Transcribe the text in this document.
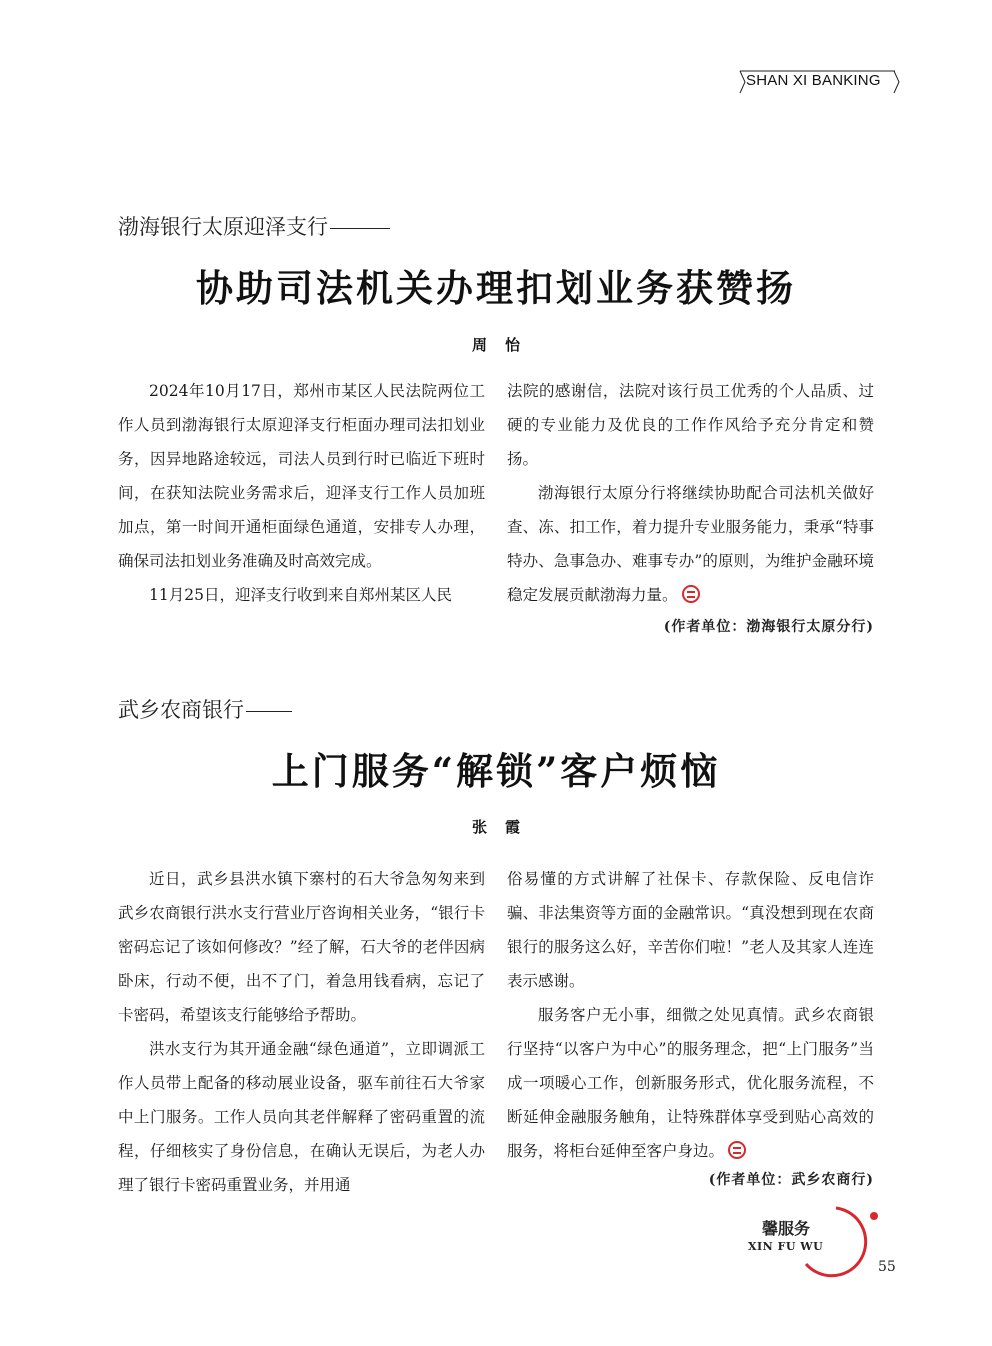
SHAN XI BANKING
渤海银行太原迎泽支行
协助司法机关办理扣划业务获赞扬
周怡

2024年10月17日，郑州市某区人民法院两位工作人员到渤海银行太原迎泽支行柜面办理司法扣划业务，因异地路途较远，司法人员到行时已临近下班时间，在获知法院业务需求后，迎泽支行工作人员加班加点，第一时间开通柜面绿色通道，安排专人办理，确保司法扣划业务准确及时高效完成。

11月25日，迎泽支行收到来自郑州某区人民

法院的感谢信，法院对该行员工优秀的个人品质、过硬的专业能力及优良的工作作风给予充分肯定和赞扬。

渤海银行太原分行将继续协助配合司法机关做好查、冻、扣工作，着力提升专业服务能力，秉承“特事特办、急事急办、难事专办”的原则，为维护金融环境稳定发展贡献渤海力量。

(作者单位：渤海银行太原分行)
武乡农商银行
上门服务“解锁”客户烦恼
张霞

近日，武乡县洪水镇下寨村的石大爷急匆匆来到武乡农商银行洪水支行营业厅咨询相关业务，“银行卡密码忘记了该如何修改？”经了解，石大爷的老伴因病卧床，行动不便，出不了门，着急用钱看病，忘记了卡密码，希望该支行能够给予帮助。

洪水支行为其开通金融“绿色通道”，立即调派工作人员带上配备的移动展业设备，驱车前往石大爷家中上门服务。工作人员向其老伴解释了密码重置的流程，仔细核实了身份信息，在确认无误后，为老人办理了银行卡密码重置业务，并用通

俗易懂的方式讲解了社保卡、存款保险、反电信诈骗、非法集资等方面的金融常识。“真没想到现在农商银行的服务这么好，辛苦你们啦！”老人及其家人连连表示感谢。

服务客户无小事，细微之处见真情。武乡农商银行坚持“以客户为中心”的服务理念，把“上门服务”当成一项暖心工作，创新服务形式，优化服务流程，不断延伸金融服务触角，让特殊群体享受到贴心高效的服务，将柜台延伸至客户身边。

(作者单位：武乡农商行)
馨服务
XIN FU WU
55
